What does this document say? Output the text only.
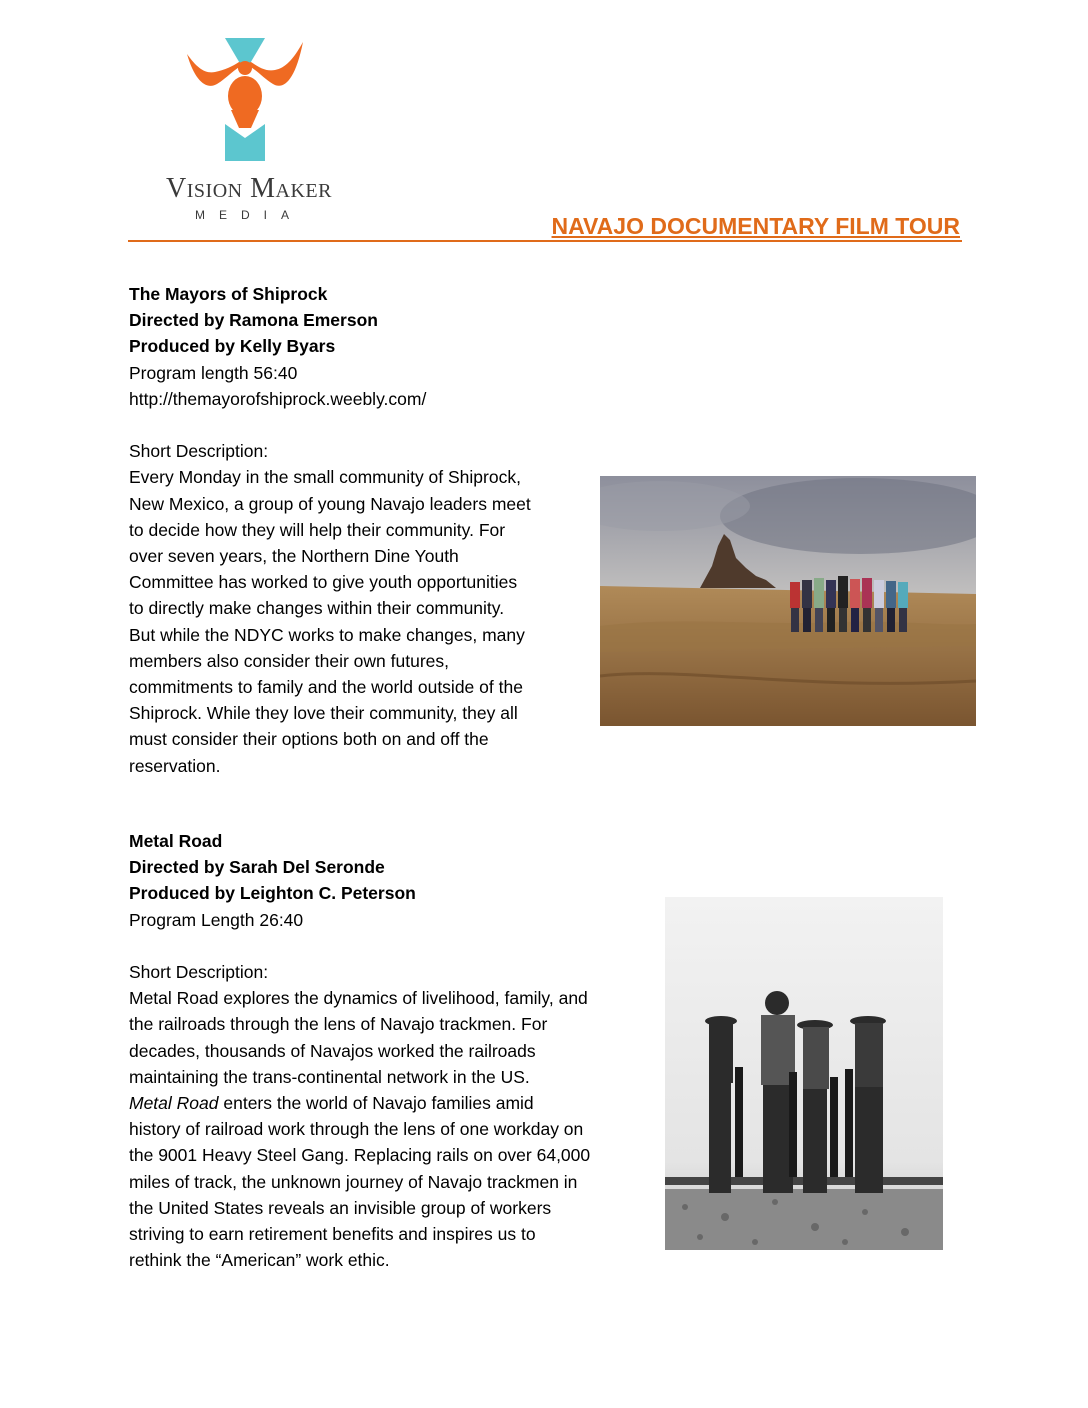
Vision Maker
MEDIA	NAVAJO DOCUMENTARY FILM TOUR
The Mayors of Shiprock
Directed by Ramona Emerson
Produced by Kelly Byars
Program length 56:40
http://themayorofshiprock.weebly.com/
Short Description:
Every Monday in the small community of Shiprock,
New Mexico, a group of young Navajo leaders meet
to decide how they will help their community. For
over seven years, the Northern Dine Youth
Committee has worked to give youth opportunities
to directly make changes within their community.
But while the NDYC works to make changes, many
members also consider their own futures,
commitments to family and the world outside of the
Shiprock. While they love their community, they all
must consider their options both on and off the
reservation.
Metal Road
Directed by Sarah Del Seronde
Produced by Leighton C. Peterson
Program Length 26:40
Short Description:
Metal Road explores the dynamics of livelihood, family, and
the railroads through the lens of Navajo trackmen. For
decades, thousands of Navajos worked the railroads
maintaining the trans-continental network in the US.
Metal Road enters the world of Navajo families amid
history of railroad work through the lens of one workday on
the 9001 Heavy Steel Gang. Replacing rails on over 64,000
miles of track, the unknown journey of Navajo trackmen in
the United States reveals an invisible group of workers
striving to earn retirement benefits and inspires us to
rethink the “American” work ethic.
